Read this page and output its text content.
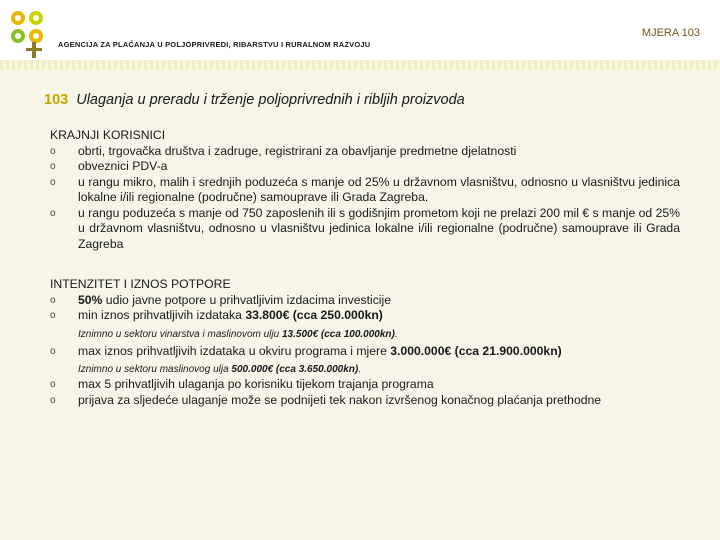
AGENCIJA ZA PLAĆANJA U POLJOPRIVREDI, RIBARSTVU I RURALNOM RAZVOJU
MJERA 103
103 Ulaganja u preradu i trženje poljoprivrednih i ribljih proizvoda
KRAJNJI KORISNICI
o	obrti, trgovačka društva i zadruge, registrirani za obavljanje predmetne djelatnosti
o	obveznici PDV-a
o	u rangu mikro, malih i srednjih poduzeća s manje od 25% u državnom vlasništvu, odnosno u vlasništvu jedinica lokalne i/ili regionalne (područne) samouprave ili Grada Zagreba.
o	u rangu poduzeća s manje od 750 zaposlenih ili s godišnjim prometom koji ne prelazi 200 mil € s manje od 25% u državnom vlasništvu, odnosno u vlasništvu jedinica lokalne i/ili regionalne (područne) samouprave ili Grada Zagreba
INTENZITET I IZNOS POTPORE
o	50% udio javne potpore u prihvatljivim izdacima investicije
o	min iznos prihvatljivih izdataka 33.800€ (cca 250.000kn)
Iznimno u sektoru vinarstva i maslinovom ulju 13.500€ (cca 100.000kn).
o	max iznos prihvatljivih izdataka u okviru programa i mjere 3.000.000€ (cca 21.900.000kn)
Iznimno u sektoru maslinovog ulja 500.000€ (cca 3.650.000kn).
o	max 5 prihvatljivih ulaganja po korisniku tijekom trajanja programa
o	prijava za sljedeće ulaganje može se podnijeti tek nakon izvršenog konačnog plaćanja prethodne
